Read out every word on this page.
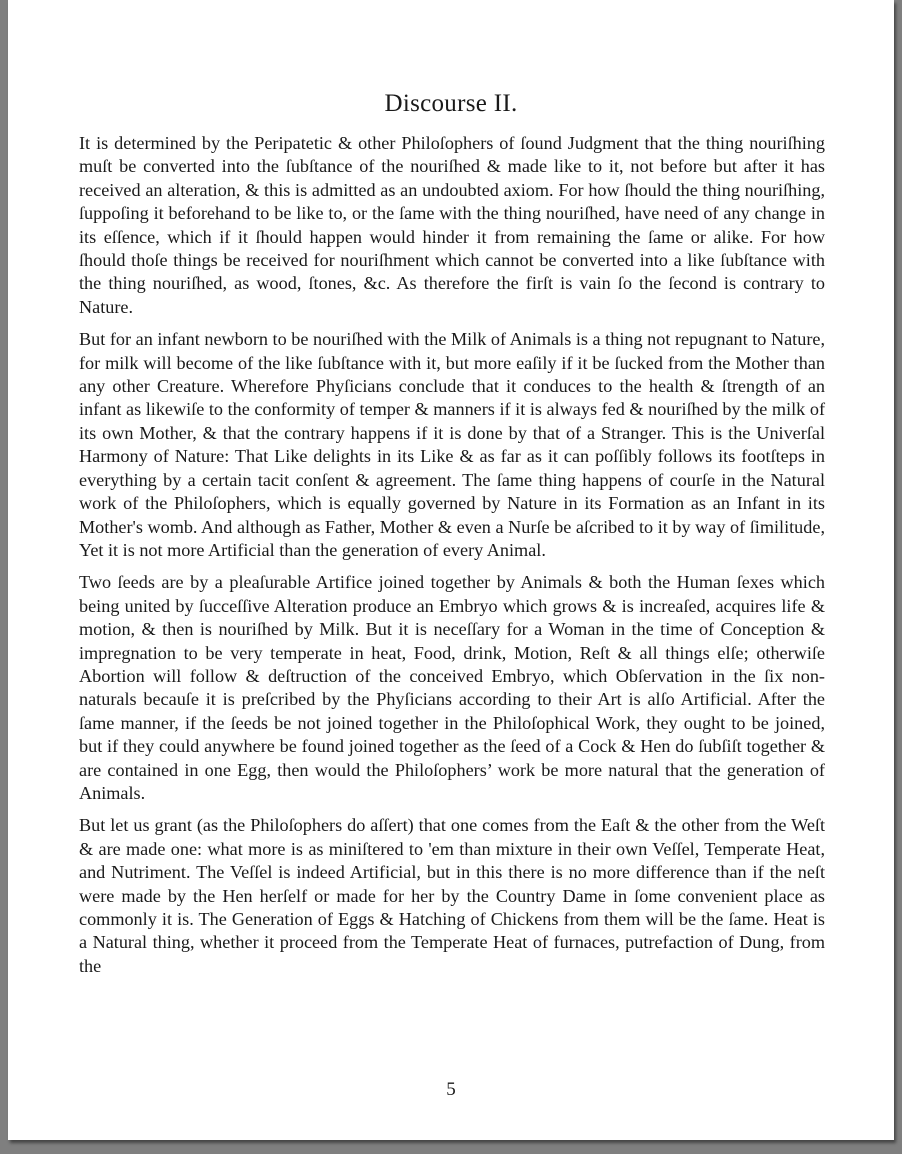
Discourse II.

It is determined by the Peripatetic & other Philoſophers of ſound Judgment that the thing nouriſhing muſt be converted into the ſubſtance of the nouriſhed & made like to it, not before but after it has received an alteration, & this is admitted as an undoubted axiom. For how ſhould the thing nouriſhing, ſuppoſing it beforehand to be like to, or the ſame with the thing nouriſhed, have need of any change in its eſſence, which if it ſhould happen would hinder it from remaining the ſame or alike. For how ſhould thoſe things be received for nouriſhment which cannot be converted into a like ſubſtance with the thing nouriſhed, as wood, ſtones, &c. As therefore the firſt is vain ſo the ſecond is contrary to Nature.

But for an infant newborn to be nouriſhed with the Milk of Animals is a thing not repugnant to Nature, for milk will become of the like ſubſtance with it, but more eaſily if it be ſucked from the Mother than any other Creature. Wherefore Phyſicians conclude that it conduces to the health & ſtrength of an infant as likewiſe to the conformity of temper & manners if it is always fed & nouriſhed by the milk of its own Mother, & that the contrary happens if it is done by that of a Stranger. This is the Univerſal Harmony of Nature: That Like delights in its Like & as far as it can poſſibly follows its footſteps in everything by a certain tacit conſent & agreement. The ſame thing happens of courſe in the Natural work of the Philoſophers, which is equally governed by Nature in its Formation as an Infant in its Mother's womb. And although as Father, Mother & even a Nurſe be aſcribed to it by way of ſimilitude, Yet it is not more Artificial than the generation of every Animal.

Two ſeeds are by a pleaſurable Artifice joined together by Animals & both the Human ſexes which being united by ſucceſſive Alteration produce an Embryo which grows & is increaſed, acquires life & motion, & then is nouriſhed by Milk. But it is neceſſary for a Woman in the time of Conception & impregnation to be very temperate in heat, Food, drink, Motion, Reſt & all things elſe; otherwiſe Abortion will follow & deſtruction of the conceived Embryo, which Obſervation in the ſix non-naturals becauſe it is preſcribed by the Phyſicians according to their Art is alſo Artificial. After the ſame manner, if the ſeeds be not joined together in the Philoſophical Work, they ought to be joined, but if they could anywhere be found joined together as the ſeed of a Cock & Hen do ſubſiſt together & are contained in one Egg, then would the Philoſophers’ work be more natural that the generation of Animals.

But let us grant (as the Philoſophers do aſſert) that one comes from the Eaſt & the other from the Weſt & are made one: what more is as miniſtered to 'em than mixture in their own Veſſel, Temperate Heat, and Nutriment. The Veſſel is indeed Artificial, but in this there is no more difference than if the neſt were made by the Hen herſelf or made for her by the Country Dame in ſome convenient place as commonly it is. The Generation of Eggs & Hatching of Chickens from them will be the ſame. Heat is a Natural thing, whether it proceed from the Temperate Heat of furnaces, putrefaction of Dung, from the

5
